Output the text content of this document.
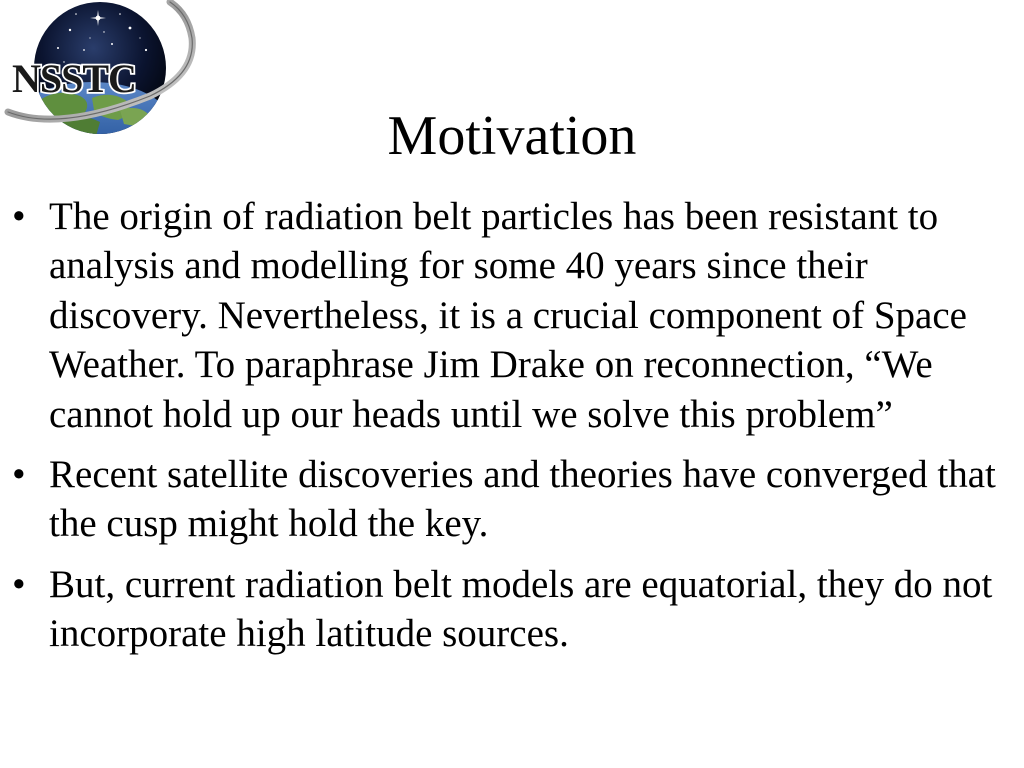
NSSTC
Motivation
• The origin of radiation belt particles has been resistant to analysis and modelling for some 40 years since their discovery. Nevertheless, it is a crucial component of Space Weather. To paraphrase Jim Drake on reconnection, “We cannot hold up our heads until we solve this problem”
• Recent satellite discoveries and theories have converged that the cusp might hold the key.
• But, current radiation belt models are equatorial, they do not incorporate high latitude sources.
